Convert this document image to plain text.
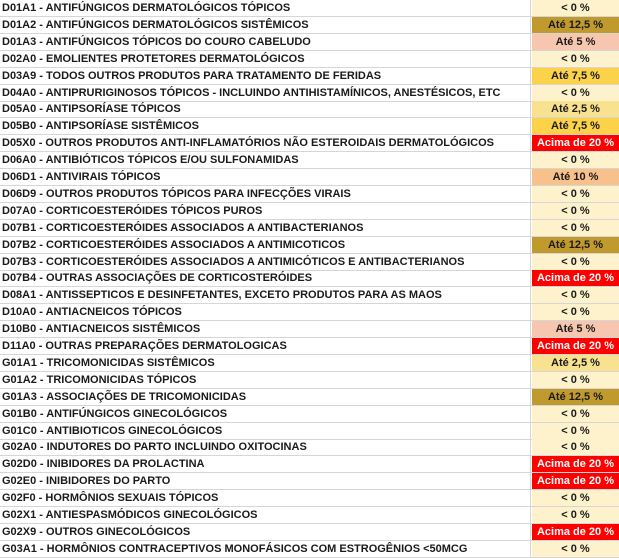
D01A1 - ANTIFÚNGICOS DERMATOLÓGICOS TÓPICOS	< 0 %
D01A2 - ANTIFÚNGICOS DERMATOLÓGICOS SISTÊMICOS	Até 12,5 %
D01A3 - ANTIFÚNGICOS TÓPICOS DO COURO CABELUDO	Até 5 %
D02A0 - EMOLIENTES PROTETORES DERMATOLÓGICOS	< 0 %
D03A9 - TODOS OUTROS PRODUTOS PARA TRATAMENTO DE FERIDAS	Até 7,5 %
D04A0 - ANTIPRURIGINOSOS TÓPICOS - INCLUINDO ANTIHISTAMÍNICOS, ANESTÉSICOS, ETC	< 0 %
D05A0 - ANTIPSORÍASE TÓPICOS	Até 2,5 %
D05B0 - ANTIPSORÍASE SISTÊMICOS	Até 7,5 %
D05X0 - OUTROS PRODUTOS ANTI-INFLAMATÓRIOS NÃO ESTEROIDAIS DERMATOLÓGICOS	Acima de 20 %
D06A0 - ANTIBIÓTICOS TÓPICOS E/OU SULFONAMIDAS	< 0 %
D06D1 - ANTIVIRAIS TÓPICOS	Até 10 %
D06D9 - OUTROS PRODUTOS TÓPICOS PARA INFECÇÕES VIRAIS	< 0 %
D07A0 - CORTICOESTERÓIDES TÓPICOS PUROS	< 0 %
D07B1 - CORTICOESTERÓIDES ASSOCIADOS A ANTIBACTERIANOS	< 0 %
D07B2 - CORTICOESTERÓIDES ASSOCIADOS A ANTIMICOTICOS	Até 12,5 %
D07B3 - CORTICOESTERÓIDES ASSOCIADOS A ANTIMICÓTICOS E ANTIBACTERIANOS	< 0 %
D07B4 - OUTRAS ASSOCIAÇÕES DE CORTICOSTERÓIDES	Acima de 20 %
D08A1 - ANTISSEPTICOS E DESINFETANTES, EXCETO PRODUTOS PARA AS MAOS	< 0 %
D10A0 - ANTIACNEICOS TÓPICOS	< 0 %
D10B0 - ANTIACNEICOS SISTÊMICOS	Até 5 %
D11A0 - OUTRAS PREPARAÇÕES DERMATOLOGICAS	Acima de 20 %
G01A1 - TRICOMONICIDAS SISTÊMICOS	Até 2,5 %
G01A2 - TRICOMONICIDAS TÓPICOS	< 0 %
G01A3 - ASSOCIAÇÕES DE TRICOMONICIDAS	Até 12,5 %
G01B0 - ANTIFÚNGICOS GINECOLÓGICOS	< 0 %
G01C0 - ANTIBIOTICOS GINECOLÓGICOS	< 0 %
G02A0 - INDUTORES DO PARTO INCLUINDO OXITOCINAS	< 0 %
G02D0 - INIBIDORES DA PROLACTINA	Acima de 20 %
G02E0 - INIBIDORES DO PARTO	Acima de 20 %
G02F0 - HORMÔNIOS SEXUAIS TÓPICOS	< 0 %
G02X1 - ANTIESPASMÓDICOS GINECOLÓGICOS	< 0 %
G02X9 - OUTROS GINECOLÓGICOS	Acima de 20 %
G03A1 - HORMÔNIOS CONTRACEPTIVOS MONOFÁSICOS COM ESTROGÊNIOS <50MCG	< 0 %
